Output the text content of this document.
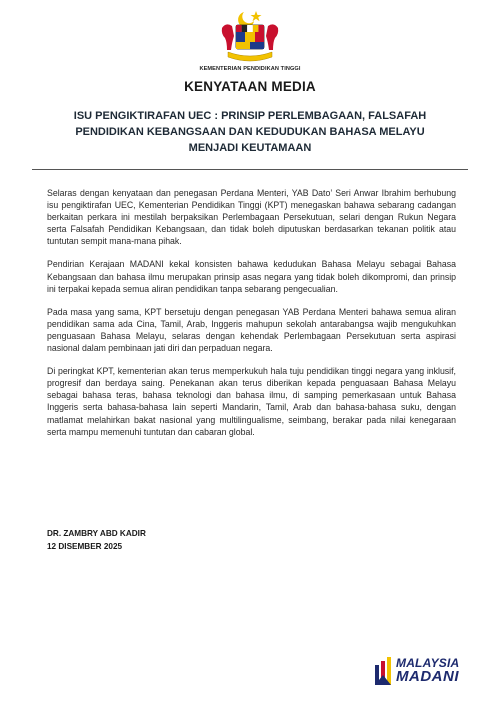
KEMENTERIAN PENDIDIKAN TINGGI
KENYATAAN MEDIA
ISU PENGIKTIRAFAN UEC : PRINSIP PERLEMBAGAAN, FALSAFAH
PENDIDIKAN KEBANGSAAN DAN KEDUDUKAN BAHASA MELAYU
MENJADI KEUTAMAAN

Selaras dengan kenyataan dan penegasan Perdana Menteri, YAB Dato’ Seri Anwar Ibrahim berhubung isu pengiktirafan UEC, Kementerian Pendidikan Tinggi (KPT) menegaskan bahawa sebarang cadangan berkaitan perkara ini mestilah berpaksikan Perlembagaan Persekutuan, selari dengan Rukun Negara serta Falsafah Pendidikan Kebangsaan, dan tidak boleh diputuskan berdasarkan tekanan politik atau tuntutan sempit mana-mana pihak.

Pendirian Kerajaan MADANI kekal konsisten bahawa kedudukan Bahasa Melayu sebagai Bahasa Kebangsaan dan bahasa ilmu merupakan prinsip asas negara yang tidak boleh dikompromi, dan prinsip ini terpakai kepada semua aliran pendidikan tanpa sebarang pengecualian.

Pada masa yang sama, KPT bersetuju dengan penegasan YAB Perdana Menteri bahawa semua aliran pendidikan sama ada Cina, Tamil, Arab, Inggeris mahupun sekolah antarabangsa wajib mengukuhkan penguasaan Bahasa Melayu, selaras dengan kehendak Perlembagaan Persekutuan serta aspirasi nasional dalam pembinaan jati diri dan perpaduan negara.

Di peringkat KPT, kementerian akan terus memperkukuh hala tuju pendidikan tinggi negara yang inklusif, progresif dan berdaya saing. Penekanan akan terus diberikan kepada penguasaan Bahasa Melayu sebagai bahasa teras, bahasa teknologi dan bahasa ilmu, di samping pemerkasaan untuk Bahasa Inggeris serta bahasa-bahasa lain seperti Mandarin, Tamil, Arab dan bahasa-bahasa suku, dengan matlamat melahirkan bakat nasional yang multilingualisme, seimbang, berakar pada nilai kenegaraan serta mampu memenuhi tuntutan dan cabaran global.

DR. ZAMBRY ABD KADIR
12 DISEMBER 2025
MALAYSIA
MADANI
